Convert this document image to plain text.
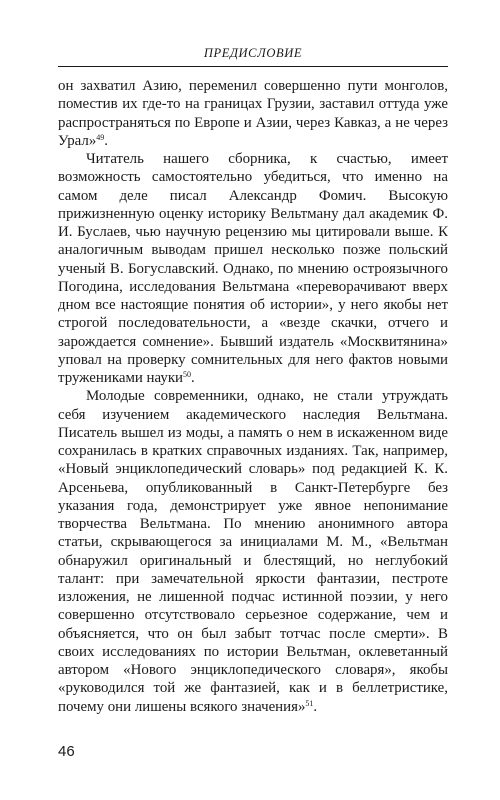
ПРЕДИСЛОВИЕ

он захватил Азию, переменил совершенно пути монголов, поместив их где-то на границах Грузии, заставил оттуда уже распространяться по Европе и Азии, через Кавказ, а не через Урал»$^{49}$.

Читатель нашего сборника, к счастью, имеет возможность самостоятельно убедиться, что именно на самом деле писал Александр Фомич. Высокую прижизненную оценку историку Вельтману дал академик Ф. И. Буслаев, чью научную рецензию мы цитировали выше. К аналогичным выводам пришел несколько позже польский ученый В. Богуславский. Однако, по мнению острoязычного Погодина, исследования Вельтмана «переворачивают вверх дном все настоящие понятия об истории», у него якобы нет строгой последовательности, а «везде скачки, отчего и зарождается сомнение». Бывший издатель «Москвитянина» уповал на проверку сомнительных для него фактов новыми тружениками науки$^{50}$.

Молодые современники, однако, не стали утруждать себя изучением академического наследия Вельтмана. Писатель вышел из моды, а память о нем в искаженном виде сохранилась в кратких справочных изданиях. Так, например, «Новый энциклопедический словарь» под редакцией К. К. Арсеньева, опубликованный в Санкт-Петербурге без указания года, демонстрирует уже явное непонимание творчества Вельтмана. По мнению анонимного автора статьи, скрывающегося за инициалами М. М., «Вельтман обнаружил оригинальный и блестящий, но неглубокий талант: при замечательной яркости фантазии, пестроте изложения, не лишенной подчас истинной поэзии, у него совершенно отсутствовало серьезное содержание, чем и объясняется, что он был забыт тотчас после смерти». В своих исследованиях по истории Вельтман, оклеветанный автором «Нового энциклопедического словаря», якобы «руководился той же фантазией, как и в беллетристике, почему они лишены всякого значения»$^{51}$.

46
